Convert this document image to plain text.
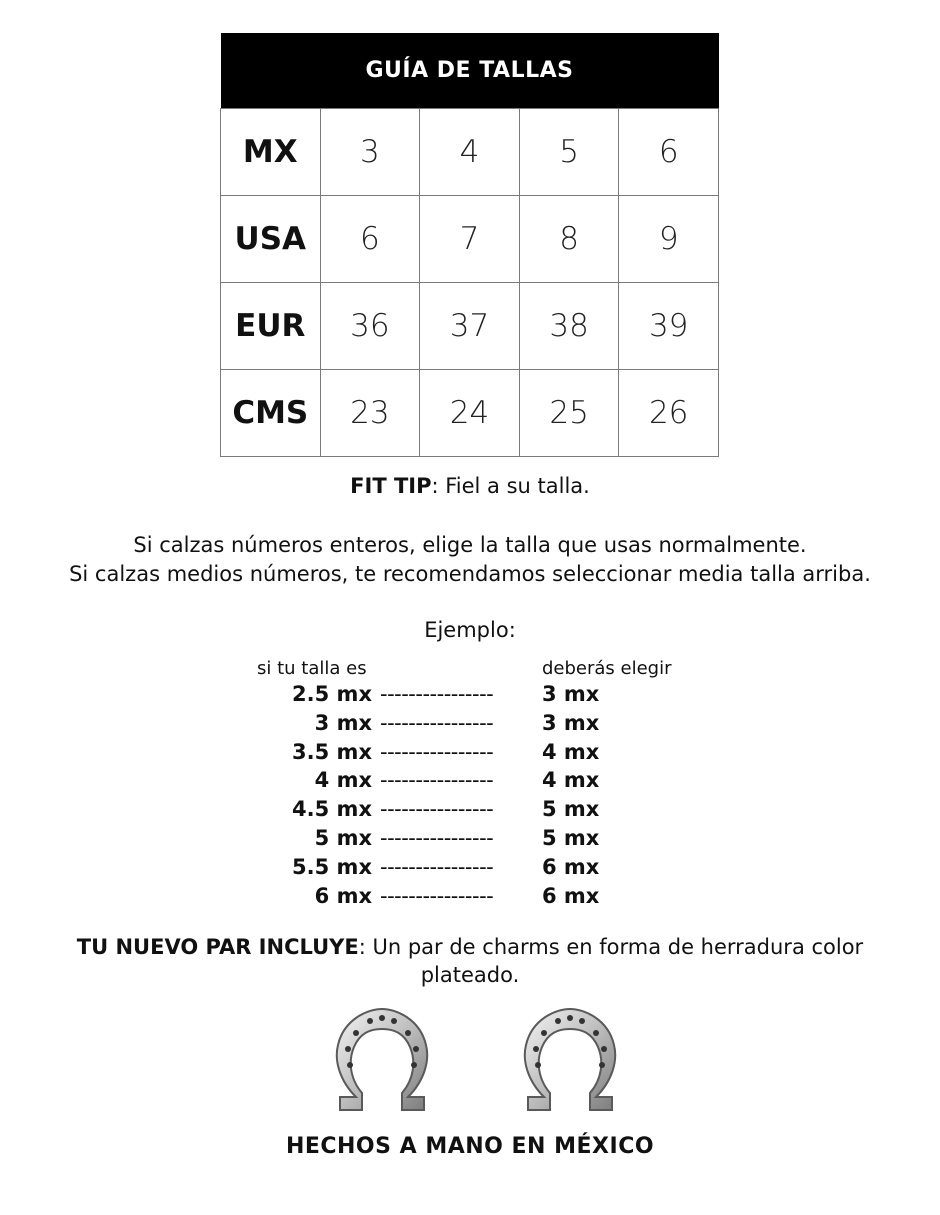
GUÍA DE TALLAS				
MX	3	4	5	6
USA	6	7	8	9
EUR	36	37	38	39
CMS	23	24	25	26
FIT TIP: Fiel a su talla.
Si calzas números enteros, elige la talla que usas normalmente.
Si calzas medios números, te recomendamos seleccionar media talla arriba.
Ejemplo:
si tu talla es	deberás elegir
2.5 mx ----------------	3 mx
3 mx ----------------	3 mx
3.5 mx ----------------	4 mx
4 mx ----------------	4 mx
4.5 mx ----------------	5 mx
5 mx ----------------	5 mx
5.5 mx ----------------	6 mx
6 mx ----------------	6 mx
TU NUEVO PAR INCLUYE: Un par de charms en forma de herradura color plateado.
HECHOS A MANO EN MÉXICO
